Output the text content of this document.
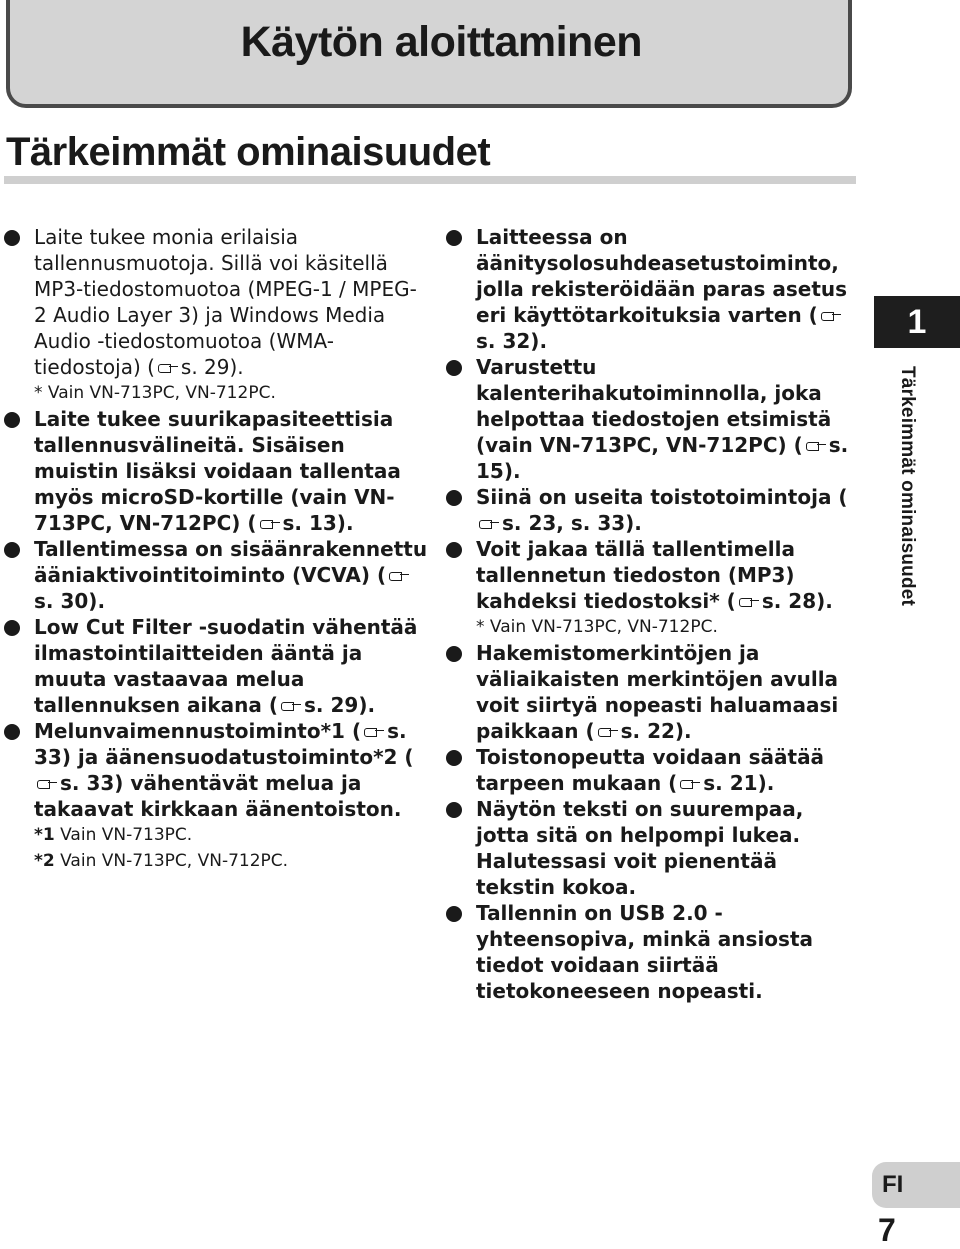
Käytön aloittaminen
Tärkeimmät ominaisuudet
Laite tukee monia erilaisia tallennusmuotoja. Sillä voi käsitellä MP3-tiedostomuotoa (MPEG-1 / MPEG-2 Audio Layer 3) ja Windows Media Audio -tiedostomuotoa (WMA-tiedostoja) ( s. 29).
* Vain VN-713PC, VN-712PC.
Laite tukee suurikapasiteettisia tallennusvälineitä. Sisäisen muistin lisäksi voidaan tallentaa myös microSD-kortille (vain VN-713PC, VN-712PC) ( s. 13).
Tallentimessa on sisäänrakennettu ääniaktivointitoiminto (VCVA) (s. 30).
Low Cut Filter -suodatin vähentää ilmastointilaitteiden ääntä ja muuta vastaavaa melua tallennuksen aikana ( s. 29).
Melunvaimennustoiminto*1 ( s. 33) ja äänensuodatustoiminto*2 (s. 33) vähentävät melua ja takaavat kirkkaan äänentoiston.
*1 Vain VN-713PC.
*2 Vain VN-713PC, VN-712PC.
Laitteessa on äänitysolosuhdeasetustoiminto, jolla rekisteröidään paras asetus eri käyttötarkoituksia varten (s. 32).
Varustettu kalenterihakutoiminnolla, joka helpottaa tiedostojen etsimistä (vain VN-713PC, VN-712PC) ( s. 15).
Siinä on useita toistotoimintoja (s. 23, s. 33).
Voit jakaa tällä tallentimella tallennetun tiedoston (MP3) kahdeksi tiedostoksi* ( s. 28).
* Vain VN-713PC, VN-712PC.
Hakemistomerkintöjen ja väliaikaisten merkintöjen avulla voit siirtyä nopeasti haluamaasi paikkaan ( s. 22).
Toistonopeutta voidaan säätää tarpeen mukaan ( s. 21).
Näytön teksti on suurempaa, jotta sitä on helpompi lukea. Halutessasi voit pienentää tekstin kokoa.
Tallennin on USB 2.0 -yhteensopiva, minkä ansiosta tiedot voidaan siirtää tietokoneeseen nopeasti.
1
Tärkeimmät ominaisuudet
FI
7
